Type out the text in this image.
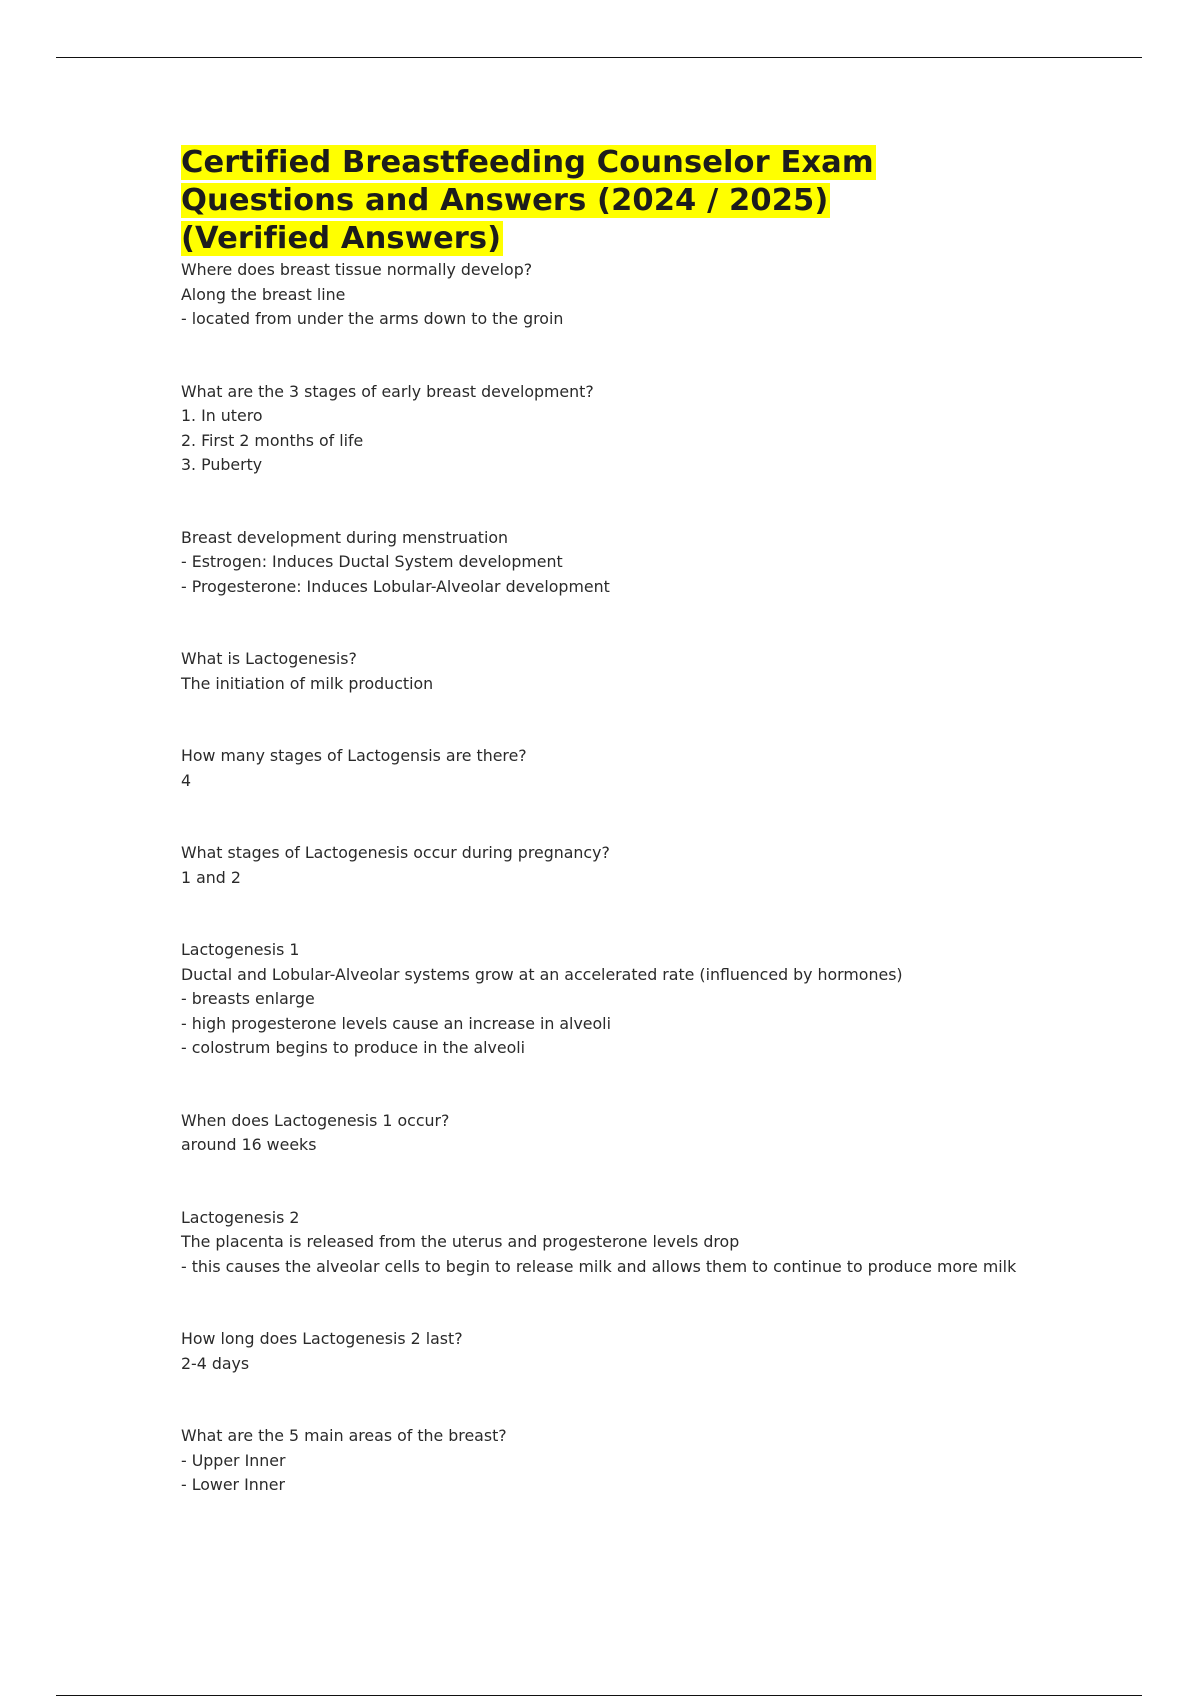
Certified Breastfeeding Counselor Exam
Questions and Answers (2024 / 2025)
(Verified Answers)
Where does breast tissue normally develop?
Along the breast line
- located from under the arms down to the groin
What are the 3 stages of early breast development?
1. In utero
2. First 2 months of life
3. Puberty
Breast development during menstruation
- Estrogen: Induces Ductal System development
- Progesterone: Induces Lobular-Alveolar development
What is Lactogenesis?
The initiation of milk production
How many stages of Lactogensis are there?
4
What stages of Lactogenesis occur during pregnancy?
1 and 2
Lactogenesis 1
Ductal and Lobular-Alveolar systems grow at an accelerated rate (influenced by hormones)
- breasts enlarge
- high progesterone levels cause an increase in alveoli
- colostrum begins to produce in the alveoli
When does Lactogenesis 1 occur?
around 16 weeks
Lactogenesis 2
The placenta is released from the uterus and progesterone levels drop
- this causes the alveolar cells to begin to release milk and allows them to continue to produce more milk
How long does Lactogenesis 2 last?
2-4 days
What are the 5 main areas of the breast?
- Upper Inner
- Lower Inner
